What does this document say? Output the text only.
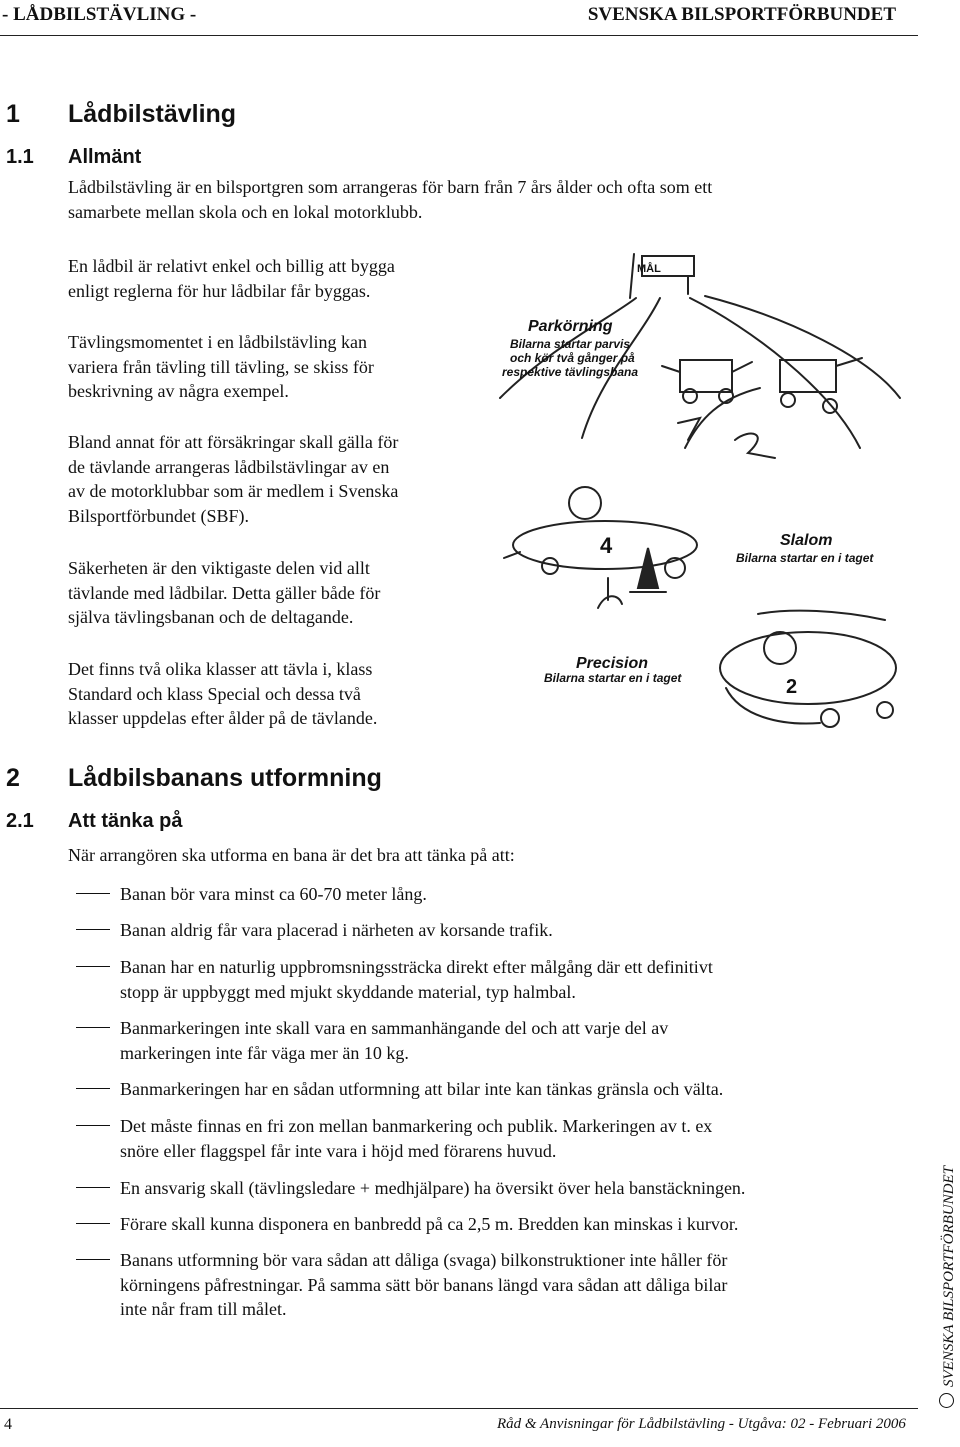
- LÅDBILSTÄVLING -	SVENSKA BILSPORTFÖRBUNDET
1 Lådbilstävling
1.1 Allmänt
Lådbilstävling är en bilsportgren som arrangeras för barn från 7 års ålder och ofta som ett
samarbete mellan skola och en lokal motorklubb.
En lådbil är relativt enkel och billig att bygga
enligt reglerna för hur lådbilar får byggas.
Tävlingsmomentet i en lådbilstävling kan
variera från tävling till tävling, se skiss för
beskrivning av några exempel.
Bland annat för att försäkringar skall gälla för
de tävlande arrangeras lådbilstävlingar av en
av de motorklubbar som är medlem i Svenska
Bilsportförbundet (SBF).
Säkerheten är den viktigaste delen vid allt
tävlande med lådbilar. Detta gäller både för
själva tävlingsbanan och de deltagande.
Det finns två olika klasser att tävla i, klass
Standard och klass Special och dessa två
klasser uppdelas efter ålder på de tävlande.
MÅL
Parkörning
Bilarna startar parvis
och kör två gånger på
respektive tävlingsbana
Slalom
Bilarna startar en i taget
Precision
Bilarna startar en i taget
4
2
2 Lådbilsbanans utformning
2.1 Att tänka på
När arrangören ska utforma en bana är det bra att tänka på att:
Banan bör vara minst ca 60-70 meter lång.
Banan aldrig får vara placerad i närheten av korsande trafik.
Banan har en naturlig uppbromsningssträcka direkt efter målgång där ett definitivt
stopp är uppbyggt med mjukt skyddande material, typ halmbal.
Banmarkeringen inte skall vara en sammanhängande del och att varje del av
markeringen inte får väga mer än 10 kg.
Banmarkeringen har en sådan utformning att bilar inte kan tänkas gränsla och välta.
Det måste finnas en fri zon mellan banmarkering och publik. Markeringen av t. ex
snöre eller flaggspel får inte vara i höjd med förarens huvud.
En ansvarig skall (tävlingsledare + medhjälpare) ha översikt över hela banstäckningen.
Förare skall kunna disponera en banbredd på ca 2,5 m. Bredden kan minskas i kurvor.
Banans utformning bör vara sådan att dåliga (svaga) bilkonstruktioner inte håller för
körningens påfrestningar. På samma sätt bör banans längd vara sådan att dåliga bilar
inte når fram till målet.
4	Råd & Anvisningar för Lådbilstävling - Utgåva: 02 - Februari 2006
SVENSKA BILSPORTFÖRBUNDET
